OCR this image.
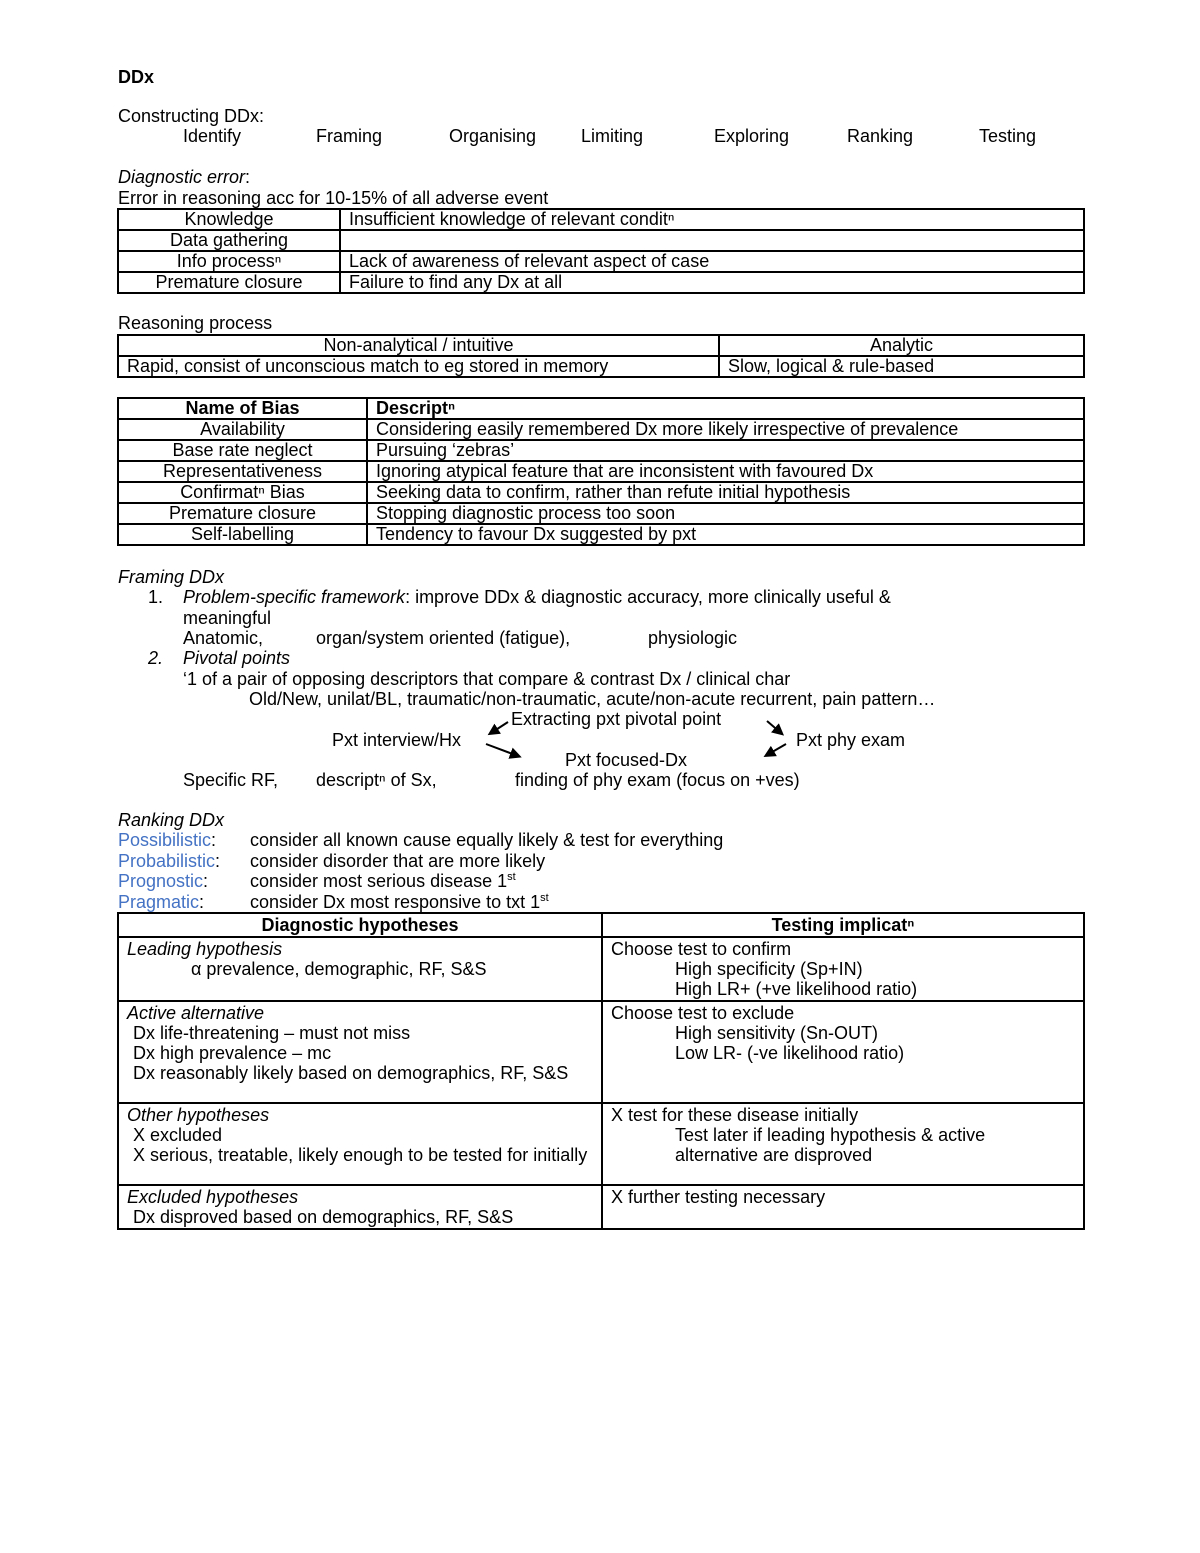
DDx
Constructing DDx:
Identify	Framing	Organising Limiting	Exploring	Ranking	Testing
Diagnostic error:
Error in reasoning acc for 10-15% of all adverse event
Knowledge	Insufficient knowledge of relevant conditⁿ
Data gathering	
Info processⁿ	Lack of awareness of relevant aspect of case
Premature closure	Failure to find any Dx at all
Reasoning process
Non-analytical / intuitive	Analytic
Rapid, consist of unconscious match to eg stored in memory	Slow, logical & rule-based
Name of Bias	Descriptⁿ
Availability	Considering easily remembered Dx more likely irrespective of prevalence
Base rate neglect	Pursuing ‘zebras’
Representativeness	Ignoring atypical feature that are inconsistent with favoured Dx
Confirmatⁿ Bias	Seeking data to confirm, rather than refute initial hypothesis
Premature closure	Stopping diagnostic process too soon
Self-labelling	Tendency to favour Dx suggested by pxt
Framing DDx
1. Problem-specific framework: improve DDx & diagnostic accuracy, more clinically useful &
meaningful
Anatomic,	organ/system oriented (fatigue),	physiologic
2. Pivotal points
‘1 of a pair of opposing descriptors that compare & contrast Dx / clinical char
Old/New, unilat/BL, traumatic/non-traumatic, acute/non-acute recurrent, pain pattern…
Extracting pxt pivotal point
Pxt interview/Hx	Pxt phy exam
Pxt focused-Dx
Specific RF, descriptⁿ of Sx,	finding of phy exam (focus on +ves)
Ranking DDx
Possibilistic: consider all known cause equally likely & test for everything
Probabilistic: consider disorder that are more likely
Prognostic: consider most serious disease 1st
Pragmatic:	consider Dx most responsive to txt 1st
Diagnostic hypotheses	Testing implicatⁿ

Leading hypothesis
α prevalence, demographic, RF, S&S	Choose test to confirm
High specificity (Sp+IN)
High LR+ (+ve likelihood ratio)

Active alternative
Dx life-threatening – must not miss
Dx high prevalence – mc
Dx reasonably likely based on demographics, RF, S&S	Choose test to exclude
High sensitivity (Sn-OUT)
Low LR- (-ve likelihood ratio)

Other hypotheses
X excluded
X serious, treatable, likely enough to be tested for initially	X test for these disease initially
Test later if leading hypothesis & active alternative are disproved

Excluded hypotheses
Dx disproved based on demographics, RF, S&S	X further testing necessary
